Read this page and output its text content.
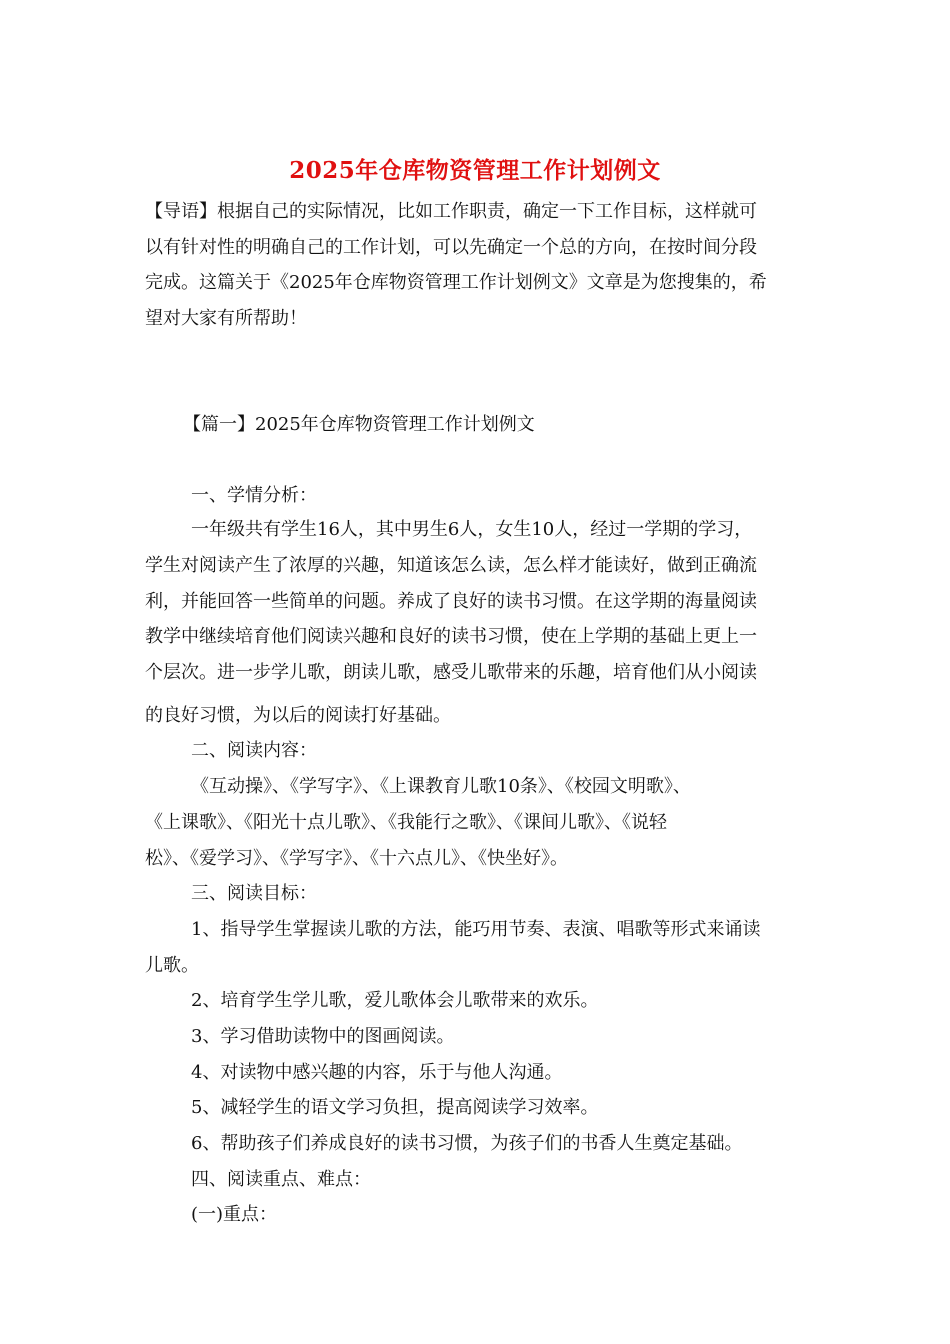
2025年仓库物资管理工作计划例文
【导语】根据自己的实际情况，比如工作职责，确定一下工作目标，这样就可
以有针对性的明确自己的工作计划，可以先确定一个总的方向，在按时间分段
完成。这篇关于《2025年仓库物资管理工作计划例文》文章是为您搜集的，希
望对大家有所帮助！

【篇一】2025年仓库物资管理工作计划例文

一、学情分析：

一年级共有学生16人，其中男生6人，女生10人，经过一学期的学习，

学生对阅读产生了浓厚的兴趣，知道该怎么读，怎么样才能读好，做到正确流

利，并能回答一些简单的问题。养成了良好的读书习惯。在这学期的海量阅读

教学中继续培育他们阅读兴趣和良好的读书习惯，使在上学期的基础上更上一

个层次。进一步学儿歌，朗读儿歌，感受儿歌带来的乐趣，培育他们从小阅读

的良好习惯，为以后的阅读打好基础。

二、阅读内容：

《互动操》、《学写字》、《上课教育儿歌10条》、《校园文明歌》、

《上课歌》、《阳光十点儿歌》、《我能行之歌》、《课间儿歌》、《说轻

松》、《爱学习》、《学写字》、《十六点儿》、《快坐好》。

三、阅读目标：

1、指导学生掌握读儿歌的方法，能巧用节奏、表演、唱歌等形式来诵读

儿歌。

2、培育学生学儿歌，爱儿歌体会儿歌带来的欢乐。

3、学习借助读物中的图画阅读。

4、对读物中感兴趣的内容，乐于与他人沟通。

5、减轻学生的语文学习负担，提高阅读学习效率。

6、帮助孩子们养成良好的读书习惯，为孩子们的书香人生奠定基础。

四、阅读重点、难点：

(一)重点：
